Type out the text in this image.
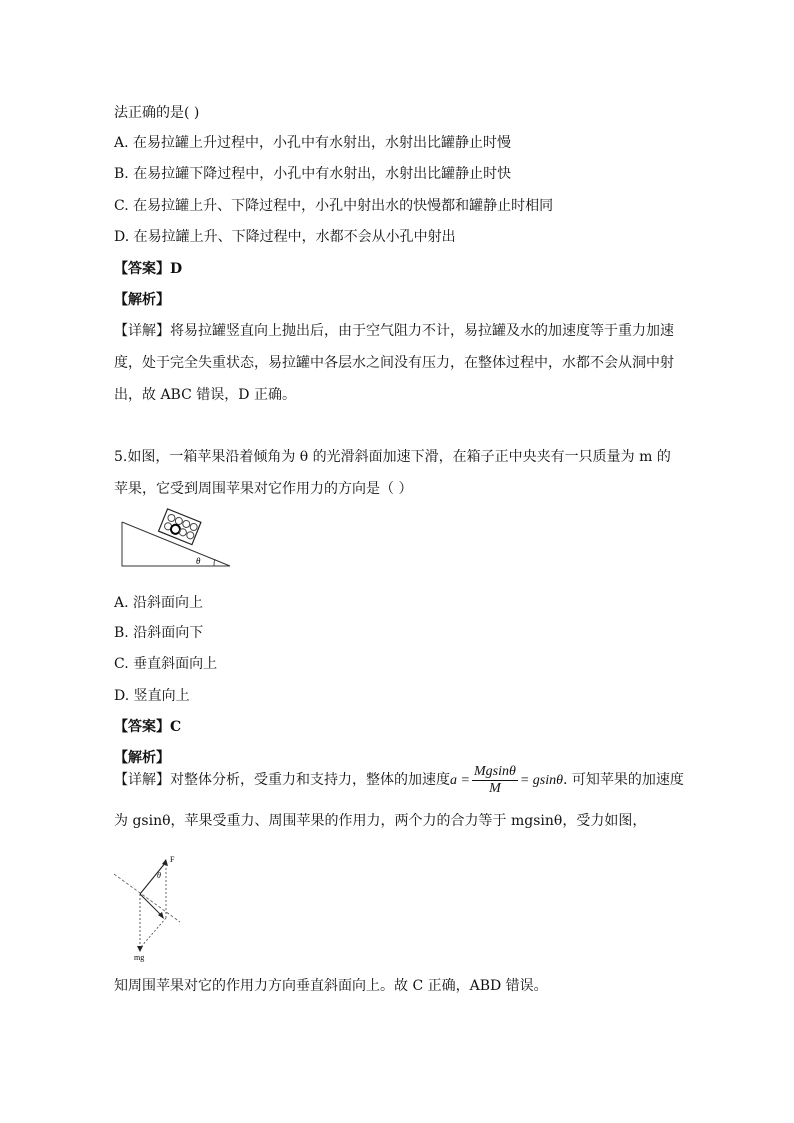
法正确的是( )
A. 在易拉罐上升过程中，小孔中有水射出，水射出比罐静止时慢
B. 在易拉罐下降过程中，小孔中有水射出，水射出比罐静止时快
C. 在易拉罐上升、下降过程中，小孔中射出水的快慢都和罐静止时相同
D. 在易拉罐上升、下降过程中，水都不会从小孔中射出
【答案】D
【解析】
【详解】将易拉罐竖直向上抛出后，由于空气阻力不计，易拉罐及水的加速度等于重力加速度，处于完全失重状态，易拉罐中各层水之间没有压力，在整体过程中，水都不会从洞中射出，故 ABC 错误，D 正确。
5.如图，一箱苹果沿着倾角为 θ 的光滑斜面加速下滑，在箱子正中央夹有一只质量为 m 的苹果，它受到周围苹果对它作用力的方向是（ ）
θ
A. 沿斜面向上
B. 沿斜面向下
C. 垂直斜面向上
D. 竖直向上
【答案】C
【解析】
【详解】对整体分析，受重力和支持力，整体的加速度$a = \frac{Mgsin\theta}{M} = gsin\theta$. 可知苹果的加速度为 gsinθ，苹果受重力、周围苹果的作用力，两个力的合力等于 mgsinθ，受力如图，
F
θ
mg
知周围苹果对它的作用力方向垂直斜面向上。故 C 正确，ABD 错误。
